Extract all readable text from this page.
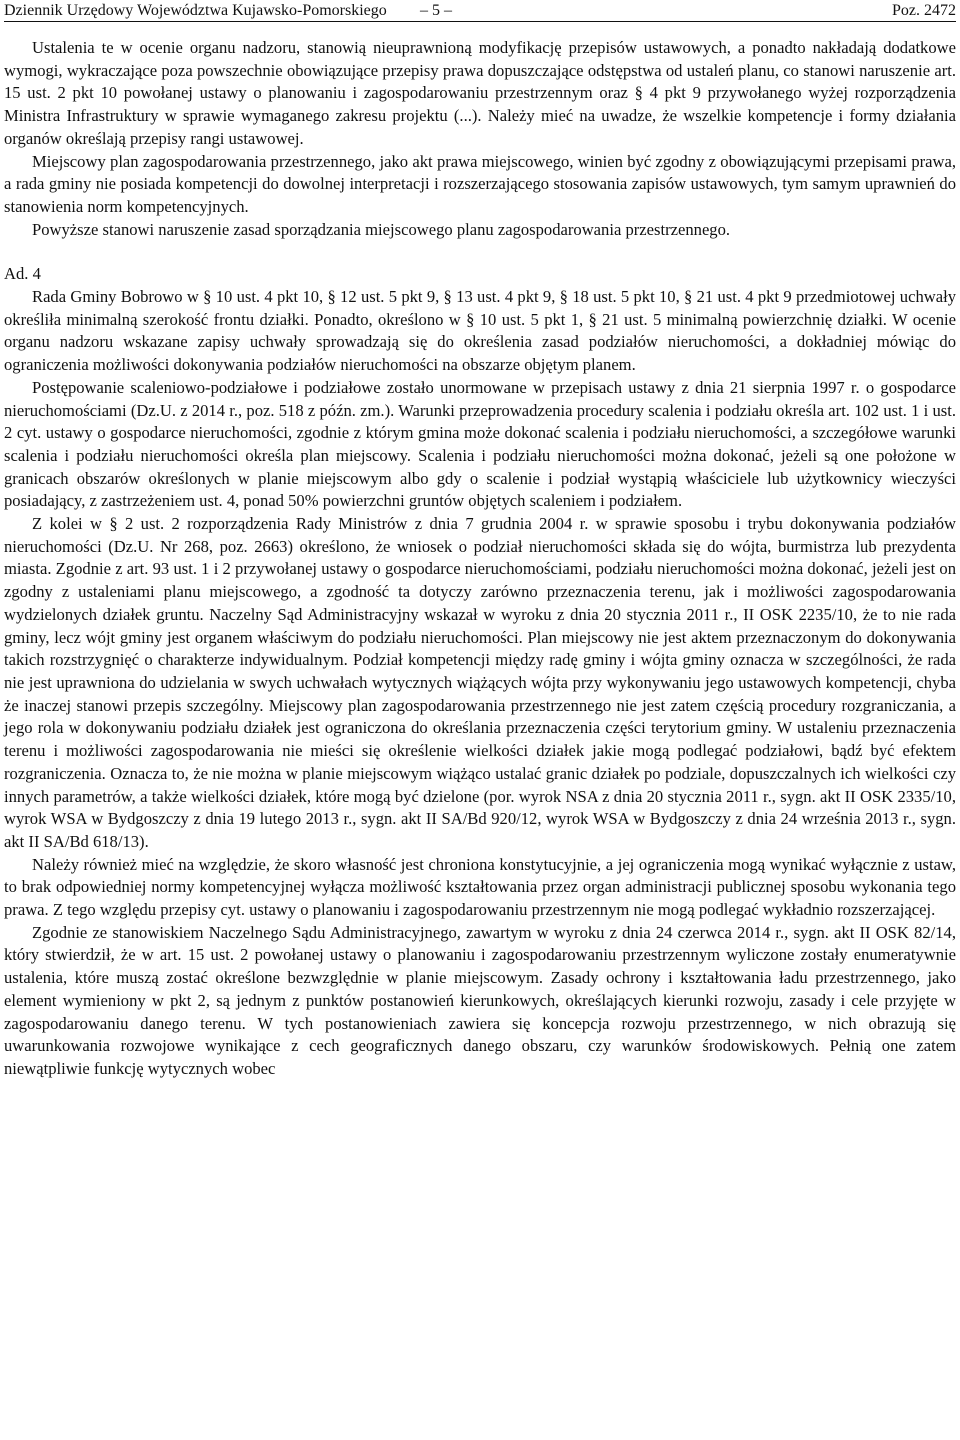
Dziennik Urzędowy Województwa Kujawsko-Pomorskiego – 5 –	Poz. 2472

Ustalenia te w ocenie organu nadzoru, stanowią nieuprawnioną modyfikację przepisów ustawowych, a ponadto nakładają dodatkowe wymogi, wykraczające poza powszechnie obowiązujące przepisy prawa dopuszczające odstępstwa od ustaleń planu, co stanowi naruszenie art. 15 ust. 2 pkt 10 powołanej ustawy o planowaniu i zagospodarowaniu przestrzennym oraz § 4 pkt 9 przywołanego wyżej rozporządzenia Ministra Infrastruktury w sprawie wymaganego zakresu projektu (...). Należy mieć na uwadze, że wszelkie kompetencje i formy działania organów określają przepisy rangi ustawowej.

Miejscowy plan zagospodarowania przestrzennego, jako akt prawa miejscowego, winien być zgodny z obowiązującymi przepisami prawa, a rada gminy nie posiada kompetencji do dowolnej interpretacji i rozszerzającego stosowania zapisów ustawowych, tym samym uprawnień do stanowienia norm kompetencyjnych.

Powyższe stanowi naruszenie zasad sporządzania miejscowego planu zagospodarowania przestrzennego.

Ad. 4

Rada Gminy Bobrowo w § 10 ust. 4 pkt 10, § 12 ust. 5 pkt 9, § 13 ust. 4 pkt 9, § 18 ust. 5 pkt 10, § 21 ust. 4 pkt 9 przedmiotowej uchwały określiła minimalną szerokość frontu działki. Ponadto, określono w § 10 ust. 5 pkt 1, § 21 ust. 5 minimalną powierzchnię działki. W ocenie organu nadzoru wskazane zapisy uchwały sprowadzają się do określenia zasad podziałów nieruchomości, a dokładniej mówiąc do ograniczenia możliwości dokonywania podziałów nieruchomości na obszarze objętym planem.

Postępowanie scaleniowo-podziałowe i podziałowe zostało unormowane w przepisach ustawy z dnia 21 sierpnia 1997 r. o gospodarce nieruchomościami (Dz.U. z 2014 r., poz. 518 z późn. zm.). Warunki przeprowadzenia procedury scalenia i podziału określa art. 102 ust. 1 i ust. 2 cyt. ustawy o gospodarce nieruchomości, zgodnie z którym gmina może dokonać scalenia i podziału nieruchomości, a szczegółowe warunki scalenia i podziału nieruchomości określa plan miejscowy. Scalenia i podziału nieruchomości można dokonać, jeżeli są one położone w granicach obszarów określonych w planie miejscowym albo gdy o scalenie i podział wystąpią właściciele lub użytkownicy wieczyści posiadający, z zastrzeżeniem ust. 4, ponad 50% powierzchni gruntów objętych scaleniem i podziałem.

Z kolei w § 2 ust. 2 rozporządzenia Rady Ministrów z dnia 7 grudnia 2004 r. w sprawie sposobu i trybu dokonywania podziałów nieruchomości (Dz.U. Nr 268, poz. 2663) określono, że wniosek o podział nieruchomości składa się do wójta, burmistrza lub prezydenta miasta. Zgodnie z art. 93 ust. 1 i 2 przywołanej ustawy o gospodarce nieruchomościami, podziału nieruchomości można dokonać, jeżeli jest on zgodny z ustaleniami planu miejscowego, a zgodność ta dotyczy zarówno przeznaczenia terenu, jak i możliwości zagospodarowania wydzielonych działek gruntu. Naczelny Sąd Administracyjny wskazał w wyroku z dnia 20 stycznia 2011 r., II OSK 2235/10, że to nie rada gminy, lecz wójt gminy jest organem właściwym do podziału nieruchomości. Plan miejscowy nie jest aktem przeznaczonym do dokonywania takich rozstrzygnięć o charakterze indywidualnym. Podział kompetencji między radę gminy i wójta gminy oznacza w szczególności, że rada nie jest uprawniona do udzielania w swych uchwałach wytycznych wiążących wójta przy wykonywaniu jego ustawowych kompetencji, chyba że inaczej stanowi przepis szczególny. Miejscowy plan zagospodarowania przestrzennego nie jest zatem częścią procedury rozgraniczania, a jego rola w dokonywaniu podziału działek jest ograniczona do określania przeznaczenia części terytorium gminy. W ustaleniu przeznaczenia terenu i możliwości zagospodarowania nie mieści się określenie wielkości działek jakie mogą podlegać podziałowi, bądź być efektem rozgraniczenia. Oznacza to, że nie można w planie miejscowym wiążąco ustalać granic działek po podziale, dopuszczalnych ich wielkości czy innych parametrów, a także wielkości działek, które mogą być dzielone (por. wyrok NSA z dnia 20 stycznia 2011 r., sygn. akt II OSK 2335/10, wyrok WSA w Bydgoszczy z dnia 19 lutego 2013 r., sygn. akt II SA/Bd 920/12, wyrok WSA w Bydgoszczy z dnia 24 września 2013 r., sygn. akt II SA/Bd 618/13).

Należy również mieć na względzie, że skoro własność jest chroniona konstytucyjnie, a jej ograniczenia mogą wynikać wyłącznie z ustaw, to brak odpowiedniej normy kompetencyjnej wyłącza możliwość kształtowania przez organ administracji publicznej sposobu wykonania tego prawa. Z tego względu przepisy cyt. ustawy o planowaniu i zagospodarowaniu przestrzennym nie mogą podlegać wykładnio rozszerzającej.

Zgodnie ze stanowiskiem Naczelnego Sądu Administracyjnego, zawartym w wyroku z dnia 24 czerwca 2014 r., sygn. akt II OSK 82/14, który stwierdził, że w art. 15 ust. 2 powołanej ustawy o planowaniu i zagospodarowaniu przestrzennym wyliczone zostały enumeratywnie ustalenia, które muszą zostać określone bezwzględnie w planie miejscowym. Zasady ochrony i kształtowania ładu przestrzennego, jako element wymieniony w pkt 2, są jednym z punktów postanowień kierunkowych, określających kierunki rozwoju, zasady i cele przyjęte w zagospodarowaniu danego terenu. W tych postanowieniach zawiera się koncepcja rozwoju przestrzennego, w nich obrazują się uwarunkowania rozwojowe wynikające z cech geograficznych danego obszaru, czy warunków środowiskowych. Pełnią one zatem niewątpliwie funkcję wytycznych wobec
